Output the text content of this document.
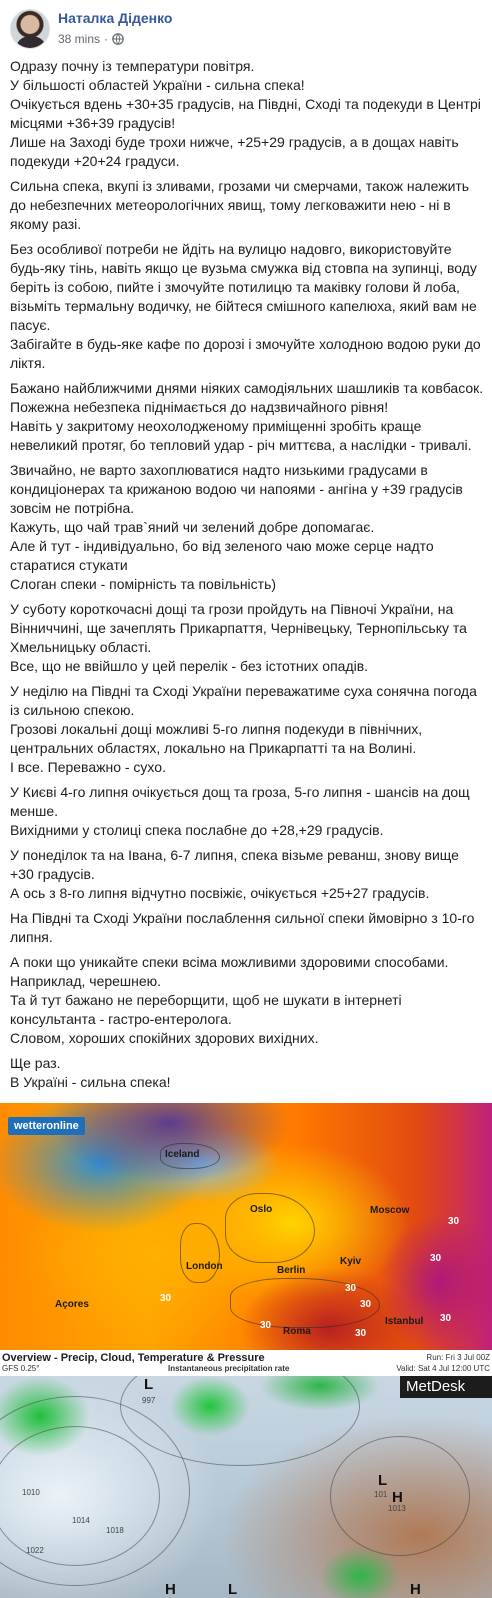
Наталка Діденко
38 mins ·

Одразу почну із температури повітря.
У більшості областей України - сильна спека!
Очікується вдень +30+35 градусів, на Півдні, Сході та подекуди в Центрі місцями +36+39 градусів!
Лише на Заході буде трохи нижче, +25+29 градусів, а в дощах навіть подекуди +20+24 градуси.

Сильна спека, вкупі із зливами, грозами чи смерчами, також належить до небезпечних метеорологічних явищ, тому легковажити нею - ні в якому разі.

Без особливої потреби не йдіть на вулицю надовго, використовуйте будь-яку тінь, навіть якщо це вузьма смужка від стовпа на зупинці, воду беріть із собою, пийте і змочуйте потилицю та маківку голови й лоба, візьміть термальну водичку, не бійтеся смішного капелюха, який вам не пасує.
Забігайте в будь-яке кафе по дорозі і змочуйте холодною водою руки до ліктя.

Бажано найближчими днями ніяких самодіяльних шашликів та ковбасок. Пожежна небезпека піднімається до надзвичайного рівня!
Навіть у закритому неохолодженому приміщенні зробіть краще невеликий протяг, бо тепловий удар - річ миттєва, а наслідки - тривалі.

Звичайно, не варто захоплюватися надто низькими градусами в кондиціонерах та крижаною водою чи напоями - ангіна у +39 градусів зовсім не потрібна.
Кажуть, що чай трав`яний чи зелений добре допомагає.
Але й тут - індивідуально, бо від зеленого чаю може серце надто старатися стукати
Слоган спеки - помірність та повільність)

У суботу короткочасні дощі та грози пройдуть на Півночі України, на Вінниччині, ще зачеплять Прикарпаття, Чернівецьку, Тернопільську та Хмельницьку області.
Все, що не ввійшло у цей перелік - без істотних опадів.

У неділю на Півдні та Сході України переважатиме суха сонячна погода із сильною спекою.
Грозові локальні дощі можливі 5-го липня подекуди в північних, центральних областях, локально на Прикарпатті та на Волині.
І все. Переважно - сухо.

У Києві 4-го липня очікується дощ та гроза, 5-го липня - шансів на дощ менше.
Вихідними у столиці спека послабне до +28,+29 градусів.

У понеділок та на Івана, 6-7 липня, спека візьме реванш, знову вище +30 градусів.
А ось з 8-го липня відчутно посвіжіє, очікується +25+27 градусів.

На Півдні та Сході України послаблення сильної спеки ймовірно з 10-го липня.

А поки що уникайте спеки всіма можливими здоровими способами. Наприклад, черешнею.
Та й тут бажано не переборщити, щоб не шукати в інтернеті консультанта - гастро-ентеролога.
Словом, хороших спокійних здорових вихідних.

Ще раз.
В Україні - сильна спека!

wetteronline
Iceland
Oslo	Moscow
London	Berlin
Kyiv
Açores
Roma
Istanbul
30
30
30
30
30
30
30
30
Overview - Precip, Cloud, Temperature & Pressure
GFS 0.25°	Instantaneous precipitation rate
Run: Fri 3 Jul 00Z
Valid: Sat 4 Jul 12:00 UTC
MetDesk
L
H
L
H	L	H
997
1010
1014
1018
1022
1013
101
